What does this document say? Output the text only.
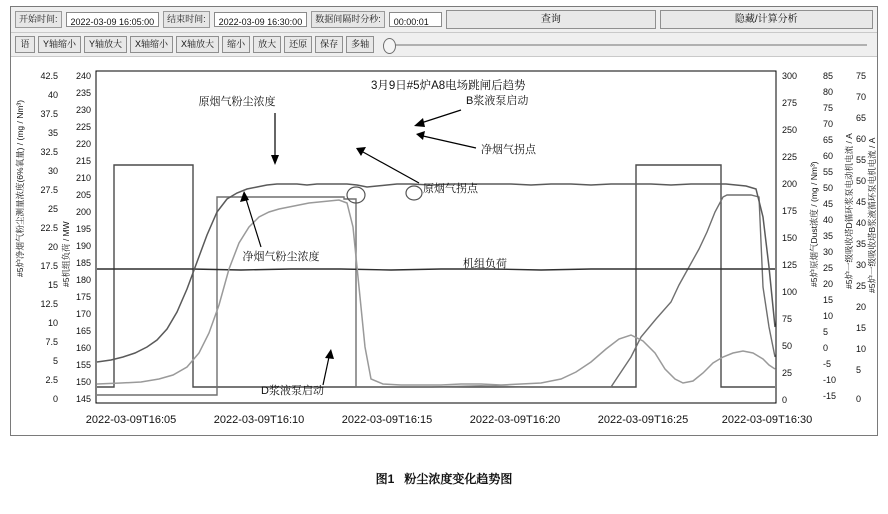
开始时间:	2022-03-09 16:05:00	结束时间:	2022-03-09 16:30:00	数据间隔时分秒:	00:00:01	查询	隐藏/计算分析
语	Y轴缩小	Y轴放大	X轴缩小	X轴放大	缩小	放大	还原	保存	多轴
#5炉净烟气粉尘测量浓度(6%氧量) / (mg / Nm³)
42.5
40
37.5
35
32.5
30
27.5
25
22.5
20
17.5
15
12.5
10
7.5
5
2.5
0
#5机组负荷 / MW
240
235
230
225
220
215
210
205
200
195
190
185
180
175
170
165
160
155
150
145
300
275
250
225
200
175
150
125
100
75
50
25
0
#5炉原烟气Dust浓度 / (mg / Nm³)
85
80
75
70
65
60
55
50
45
40
35
30
25
20
15
10
5
0
-5
-10
-15
#5炉一级吸收塔D循环浆泵电动机电流 / A
75
70
65
60
55
50
45
40
35
30
25
20
15
10
5
0
#5炉一级吸收塔B浆液循环泵电机电流 / A
3月9日#5炉A8电场跳闸后趋势
原烟气粉尘浓度
净烟气粉尘浓度
B浆液泵启动
净烟气拐点
原烟气拐点
机组负荷
D浆液泵启动
2022-03-09T16:05	2022-03-09T16:10	2022-03-09T16:15	2022-03-09T16:20	2022-03-09T16:25	2022-03-09T16:30
图1 粉尘浓度变化趋势图
